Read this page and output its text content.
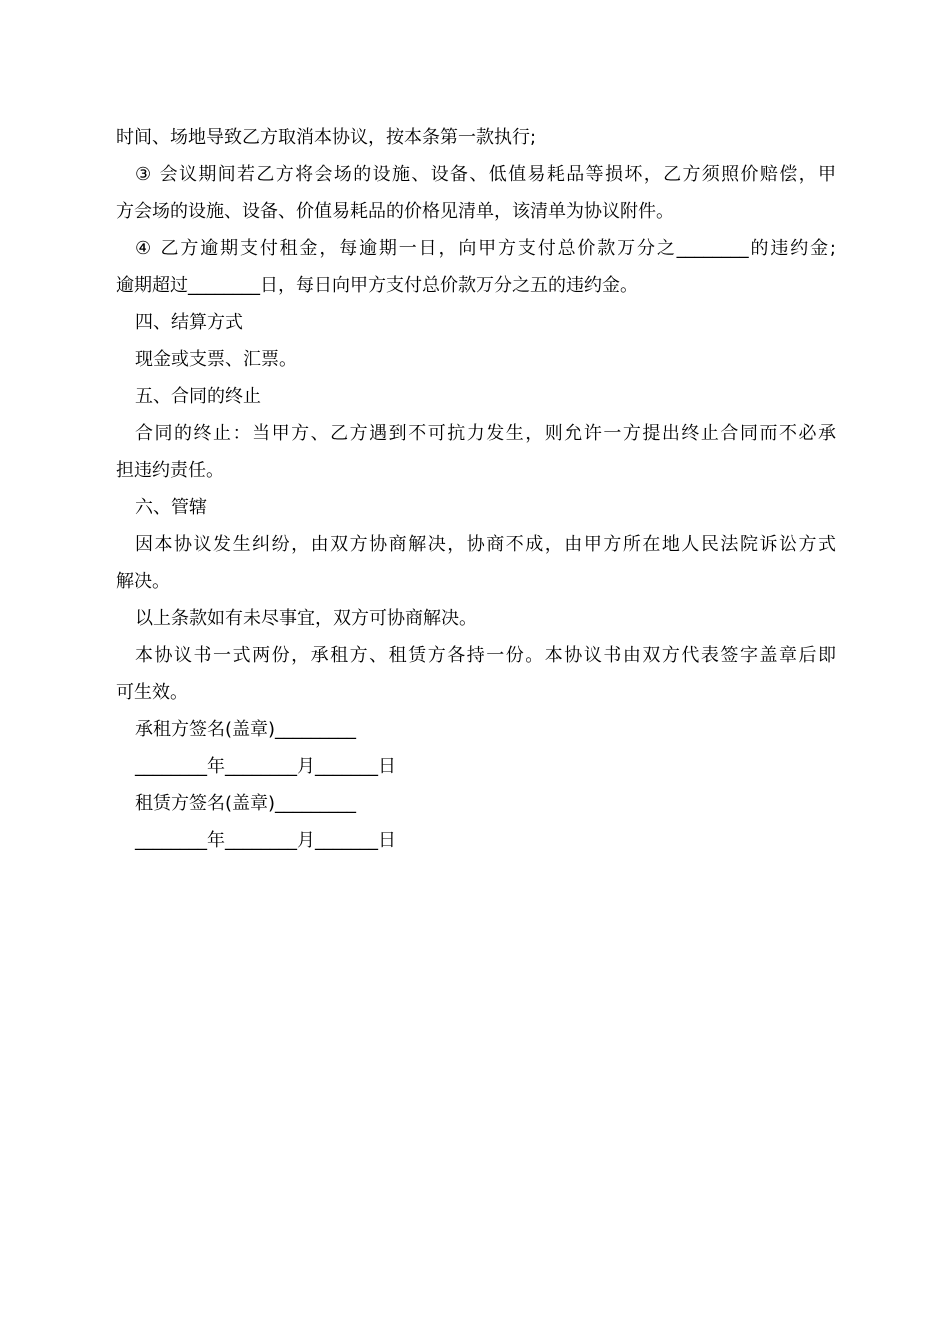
时间、场地导致乙方取消本协议，按本条第一款执行;
③ 会议期间若乙方将会场的设施、设备、低值易耗品等损坏，乙方须照价赔偿，甲
方会场的设施、设备、价值易耗品的价格见清单，该清单为协议附件。
④ 乙方逾期支付租金，每逾期一日，向甲方支付总价款万分之________的违约金;
逾期超过________日，每日向甲方支付总价款万分之五的违约金。
四、结算方式
现金或支票、汇票。
五、合同的终止
合同的终止：当甲方、乙方遇到不可抗力发生，则允许一方提出终止合同而不必承
担违约责任。
六、管辖
因本协议发生纠纷，由双方协商解决，协商不成，由甲方所在地人民法院诉讼方式
解决。
以上条款如有未尽事宜，双方可协商解决。
本协议书一式两份，承租方、租赁方各持一份。本协议书由双方代表签字盖章后即
可生效。
承租方签名(盖章)_________
________年________月_______日
租赁方签名(盖章)_________
________年________月_______日
